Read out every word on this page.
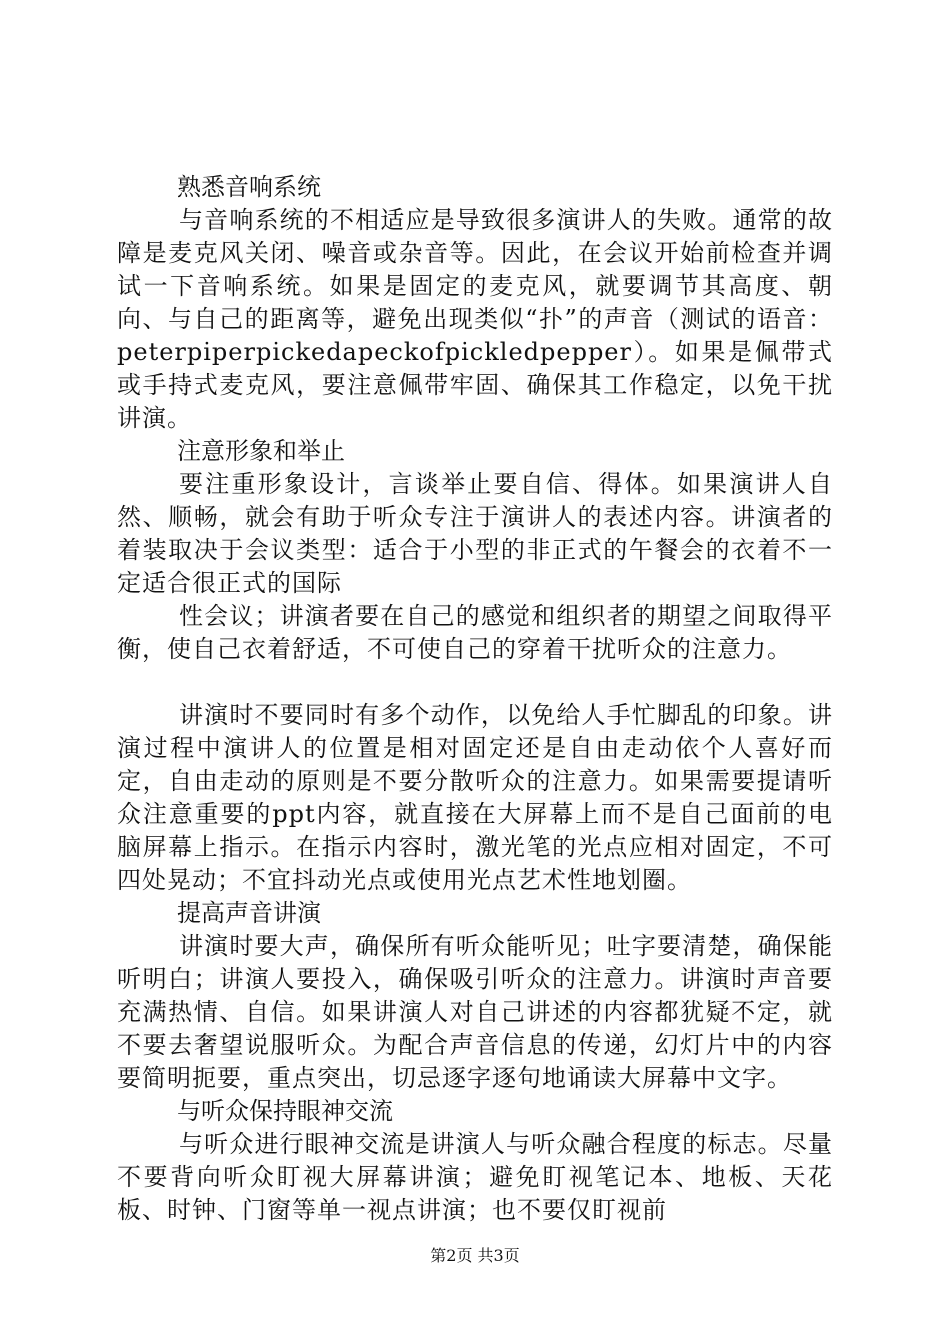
熟悉音响系统

与音响系统的不相适应是导致很多演讲人的失败。通常的故障是麦克风关闭、噪音或杂音等。因此，在会议开始前检查并调试一下音响系统。如果是固定的麦克风，就要调节其高度、朝向、与自己的距离等，避免出现类似“扑”的声音（测试的语音：peterpiperpickedapeckofpickledpepper）。如果是佩带式或手持式麦克风，要注意佩带牢固、确保其工作稳定，以免干扰讲演。

注意形象和举止

要注重形象设计，言谈举止要自信、得体。如果演讲人自然、顺畅，就会有助于听众专注于演讲人的表述内容。讲演者的着装取决于会议类型：适合于小型的非正式的午餐会的衣着不一定适合很正式的国际

性会议；讲演者要在自己的感觉和组织者的期望之间取得平衡，使自己衣着舒适，不可使自己的穿着干扰听众的注意力。

讲演时不要同时有多个动作，以免给人手忙脚乱的印象。讲演过程中演讲人的位置是相对固定还是自由走动依个人喜好而定，自由走动的原则是不要分散听众的注意力。如果需要提请听众注意重要的ppt内容，就直接在大屏幕上而不是自己面前的电脑屏幕上指示。在指示内容时，激光笔的光点应相对固定，不可四处晃动；不宜抖动光点或使用光点艺术性地划圈。

提高声音讲演

讲演时要大声，确保所有听众能听见；吐字要清楚，确保能听明白；讲演人要投入，确保吸引听众的注意力。讲演时声音要充满热情、自信。如果讲演人对自己讲述的内容都犹疑不定，就不要去奢望说服听众。为配合声音信息的传递，幻灯片中的内容要简明扼要，重点突出，切忌逐字逐句地诵读大屏幕中文字。

与听众保持眼神交流

与听众进行眼神交流是讲演人与听众融合程度的标志。尽量不要背向听众盯视大屏幕讲演；避免盯视笔记本、地板、天花板、时钟、门窗等单一视点讲演；也不要仅盯视前

第2页 共3页
